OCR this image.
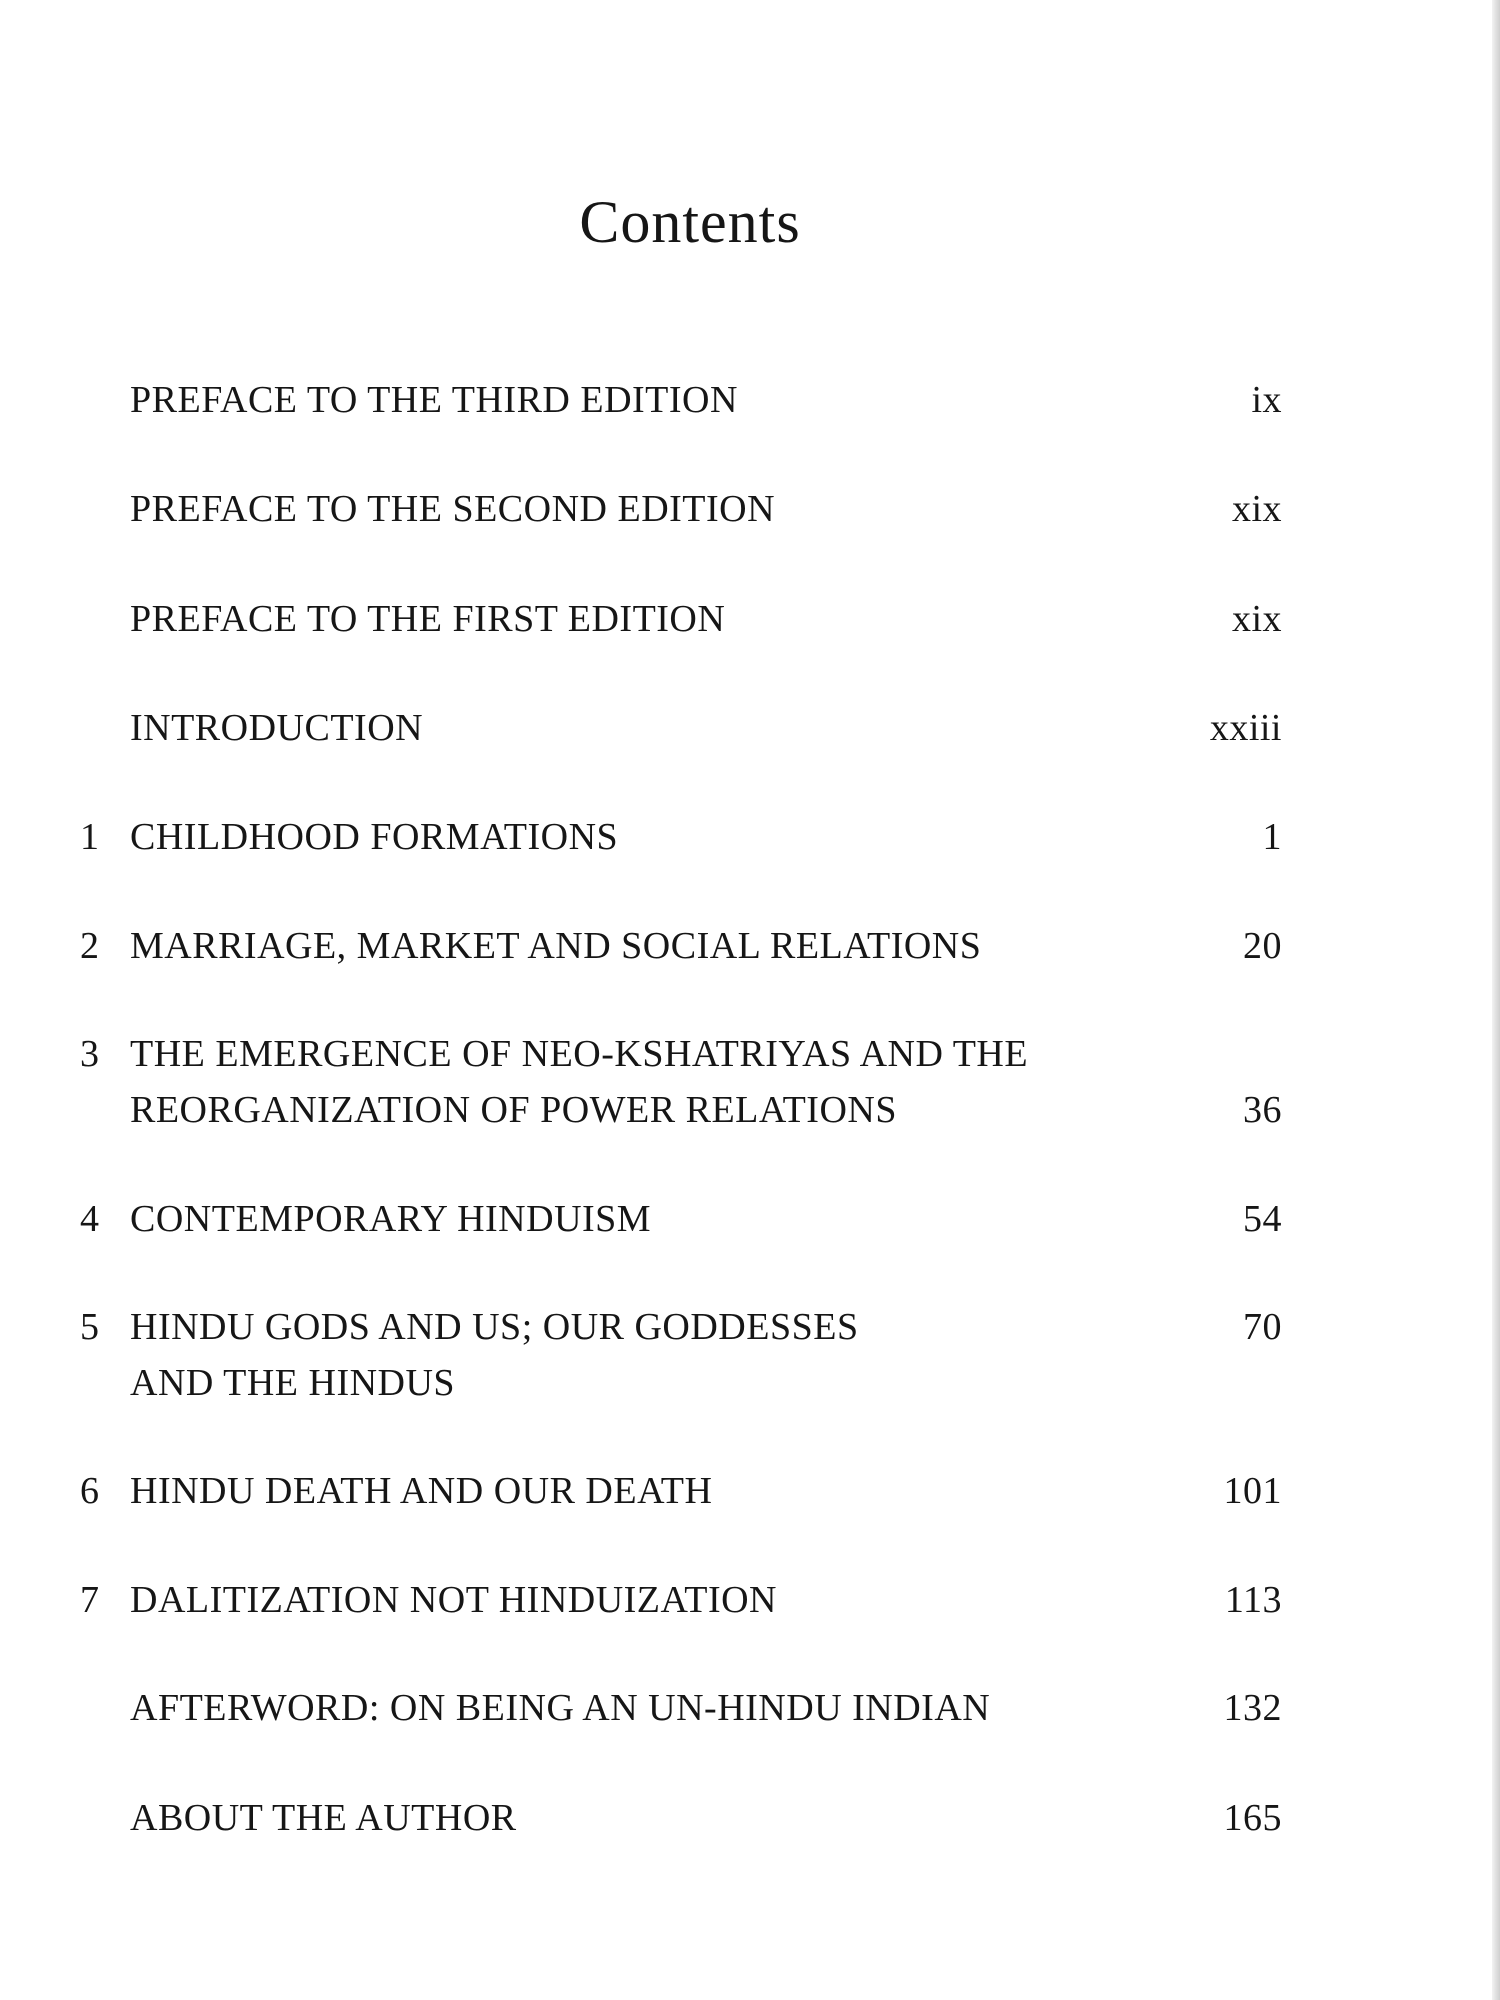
Contents
PREFACE TO THE THIRD EDITION	ix
PREFACE TO THE SECOND EDITION	xix
PREFACE TO THE FIRST EDITION	xix
INTRODUCTION	xxiii
1 CHILDHOOD FORMATIONS	1
2 MARRIAGE, MARKET AND SOCIAL RELATIONS	20
3 THE EMERGENCE OF NEO-KSHATRIYAS AND THE
REORGANIZATION OF POWER RELATIONS	36
4 CONTEMPORARY HINDUISM	54
5 HINDU GODS AND US; OUR GODDESSES	70
AND THE HINDUS
6 HINDU DEATH AND OUR DEATH	101
7 DALITIZATION NOT HINDUIZATION	113
AFTERWORD: ON BEING AN UN-HINDU INDIAN	132
ABOUT THE AUTHOR	165
